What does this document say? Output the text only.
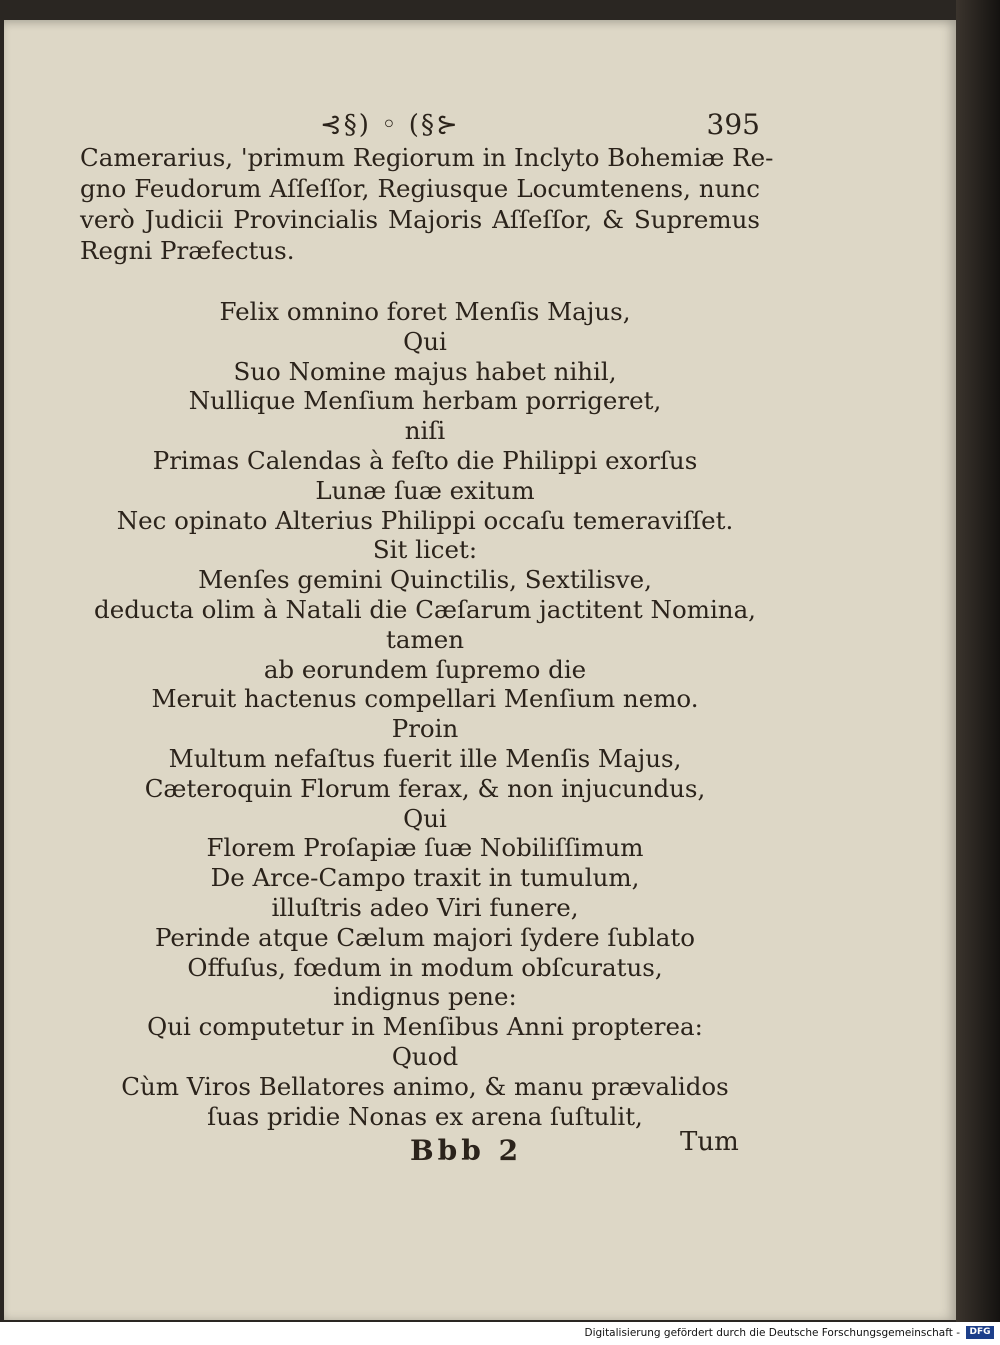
⊰§) ◦ (§⊱	395
Camerarius, 'primum Regiorum in Inclyto Bohemiæ Re-
gno Feudorum Aſſeſſor, Regiusque Locumtenens, nunc
verò Judicii Provincialis Majoris Aſſeſſor, & Supremus
Regni Præfectus.
Felix omnino foret Menſis Majus,
Qui
Suo Nomine majus habet nihil,
Nullique Menſium herbam porrigeret,
niſi
Primas Calendas à feſto die Philippi exorſus
Lunæ ſuæ exitum
Nec opinato Alterius Philippi occaſu temeraviſſet.
Sit licet:
Menſes gemini Quinctilis, Sextilisve,
deducta olim à Natali die Cæſarum jactitent Nomina,
tamen
ab eorundem ſupremo die
Meruit hactenus compellari Menſium nemo.
Proin
Multum nefaſtus fuerit ille Menſis Majus,
Cæteroquin Florum ferax, & non injucundus,
Qui
Florem Proſapiæ ſuæ Nobiliſſimum
De Arce-Campo traxit in tumulum,
illuſtris adeo Viri funere,
Perinde atque Cælum majori ſydere ſublato
Offuſus, fœdum in modum obſcuratus,
indignus pene:
Qui computetur in Menſibus Anni propterea:
Quod
Cùm Viros Bellatores animo, & manu prævalidos
ſuas pridie Nonas ex arena ſuſtulit,
Bbb 2	Tum
Digitalisierung gefördert durch die Deutsche Forschungsgemeinschaft -	DFG
